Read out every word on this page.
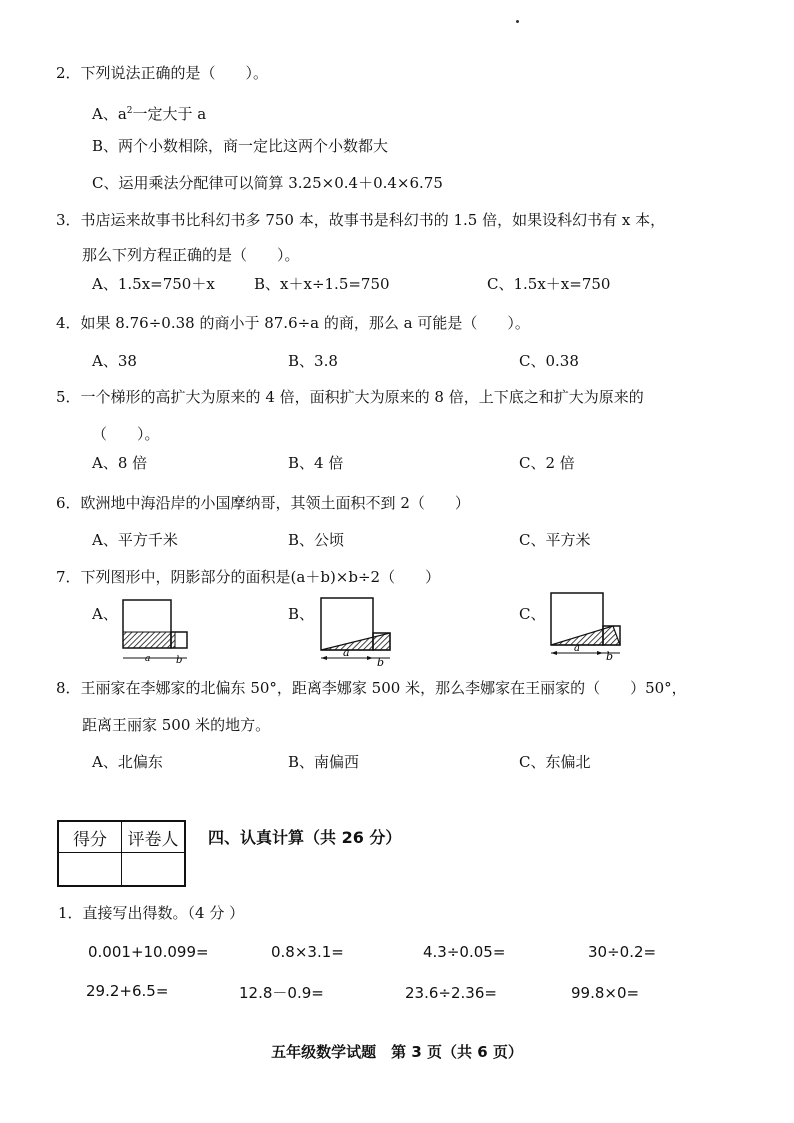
2．下列说法正确的是（　　）。
A、$a^2$一定大于 a
B、两个小数相除，商一定比这两个小数都大
C、运用乘法分配律可以简算 3.25×0.4＋0.4×6.75
3．书店运来故事书比科幻书多 750 本，故事书是科幻书的 1.5 倍，如果设科幻书有 x 本，
那么下列方程正确的是（　　）。
A、1.5x=750＋x	B、x＋x÷1.5=750	C、1.5x＋x=750
4．如果 8.76÷0.38 的商小于 87.6÷a 的商，那么 a 可能是（　　）。
A、38	B、3.8	C、0.38
5．一个梯形的高扩大为原来的 4 倍，面积扩大为原来的 8 倍，上下底之和扩大为原来的
（　　）。
A、8 倍	B、4 倍	C、2 倍
6．欧洲地中海沿岸的小国摩纳哥，其领土面积不到 2（　　）
A、平方千米	B、公顷	C、平方米
7．下列图形中，阴影部分的面积是(a＋b)×b÷2（　　）
A、	B、	C、
a	b
a
b
a
b
8．王丽家在李娜家的北偏东 50°，距离李娜家 500 米，那么李娜家在王丽家的（　　）50°，
距离王丽家 500 米的地方。
A、北偏东	B、南偏西	C、东偏北
得分	评卷人
	四、认真计算（共 26 分）
1．直接写出得数。（4 分 ）
0.001+10.099=	0.8×3.1=	4.3÷0.05=	30÷0.2=
29.2+6.5=	12.8－0.9=	23.6÷2.36=	99.8×0=
五年级数学试题　第 3 页（共 6 页）
